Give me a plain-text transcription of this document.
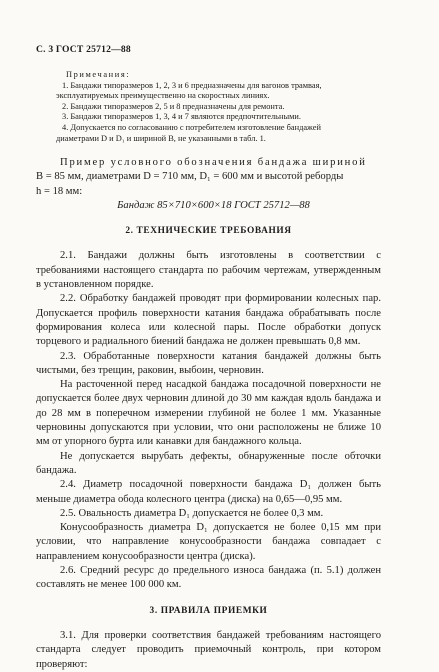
С. 3 ГОСТ 25712—88
Примечания:
1. Бандажи типоразмеров 1, 2, 3 и 6 предназначены для вагонов трамвая,
эксплуатируемых преимущественно на скоростных линиях.
2. Бандажи типоразмеров 2, 5 и 8 предназначены для ремонта.
3. Бандажи типоразмеров 1, 3, 4 и 7 являются предпочтительными.
4. Допускается по согласованию с потребителем изготовление бандажей
диаметрами D и D₁ и шириной B, не указанными в табл. 1.

Пример условного обозначения бандажа шириной

B = 85 мм, диаметрами D = 710 мм, D₁ = 600 мм и высотой реборды
h = 18 мм:
Бандаж 85×710×600×18 ГОСТ 25712—88
2. ТЕХНИЧЕСКИЕ ТРЕБОВАНИЯ

2.1. Бандажи должны быть изготовлены в соответствии с требованиями настоящего стандарта по рабочим чертежам, утвержденным в установленном порядке.

2.2. Обработку бандажей проводят при формировании колесных пар. Допускается профиль поверхности катания бандажа обрабатывать после формирования колеса или колесной пары. После обработки допуск торцевого и радиального биений бандажа не должен превышать 0,8 мм.

2.3. Обработанные поверхности катания бандажей должны быть чистыми, без трещин, раковин, выбоин, черновин.

На расточенной перед насадкой бандажа посадочной поверхности не допускается более двух черновин длиной до 30 мм каждая вдоль бандажа и до 28 мм в поперечном измерении глубиной не более 1 мм. Указанные черновины допускаются при условии, что они расположены не ближе 10 мм от упорного бурта или канавки для бандажного кольца.

Не допускается вырубать дефекты, обнаруженные после обточки бандажа.

2.4. Диаметр посадочной поверхности бандажа D₁ должен быть меньше диаметра обода колесного центра (диска) на 0,65—0,95 мм.

2.5. Овальность диаметра D₁ допускается не более 0,3 мм.

Конусообразность диаметра D₁ допускается не более 0,15 мм при условии, что направление конусообразности бандажа совпадает с направлением конусообразности центра (диска).

2.6. Средний ресурс до предельного износа бандажа (п. 5.1) должен составлять не менее 100 000 км.

3. ПРАВИЛА ПРИЕМКИ

3.1. Для проверки соответствия бандажей требованиям настоящего стандарта следует проводить приемочный контроль, при котором проверяют:
